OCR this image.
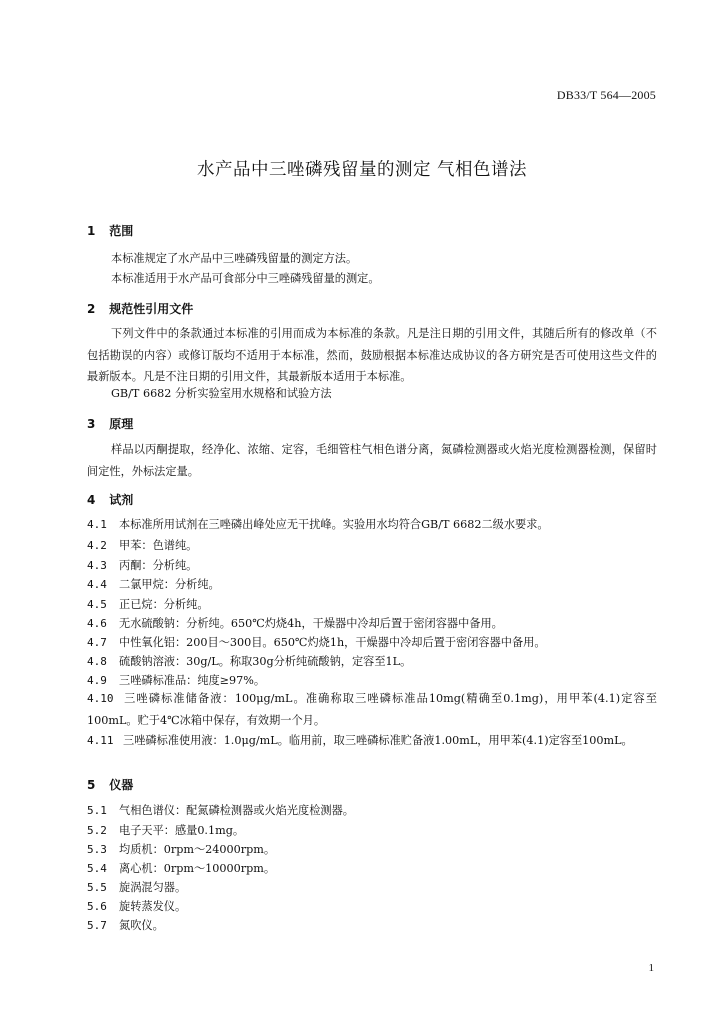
DB33/T 564—2005
水产品中三唑磷残留量的测定 气相色谱法
1 范围
本标准规定了水产品中三唑磷残留量的测定方法。
本标准适用于水产品可食部分中三唑磷残留量的测定。
2 规范性引用文件
下列文件中的条款通过本标准的引用而成为本标准的条款。凡是注日期的引用文件，其随后所有的修改单（不包括勘误的内容）或修订版均不适用于本标准，然而，鼓励根据本标准达成协议的各方研究是否可使用这些文件的最新版本。凡是不注日期的引用文件，其最新版本适用于本标准。
GB/T 6682 分析实验室用水规格和试验方法
3 原理
样品以丙酮提取，经净化、浓缩、定容，毛细管柱气相色谱分离，氮磷检测器或火焰光度检测器检测，保留时间定性，外标法定量。
4 试剂
4.1 本标准所用试剂在三唑磷出峰处应无干扰峰。实验用水均符合GB/T 6682二级水要求。
4.2 甲苯：色谱纯。
4.3 丙酮：分析纯。
4.4 二氯甲烷：分析纯。
4.5 正已烷：分析纯。
4.6 无水硫酸钠：分析纯。650℃灼烧4h，干燥器中冷却后置于密闭容器中备用。
4.7 中性氧化铝：200目～300目。650℃灼烧1h，干燥器中冷却后置于密闭容器中备用。
4.8 硫酸钠溶液：30g/L。称取30g分析纯硫酸钠，定容至1L。
4.9 三唑磷标准品：纯度≥97%。
4.10 三唑磷标准储备液：100μg/mL。准确称取三唑磷标准品10mg(精确至0.1mg)，用甲苯(4.1)定容至100mL。贮于4℃冰箱中保存，有效期一个月。
4.11 三唑磷标准使用液：1.0μg/mL。临用前，取三唑磷标准贮备液1.00mL，用甲苯(4.1)定容至100mL。
5 仪器
5.1 气相色谱仪：配氮磷检测器或火焰光度检测器。
5.2 电子天平：感量0.1mg。
5.3 均质机：0rpm～24000rpm。
5.4 离心机：0rpm～10000rpm。
5.5 旋涡混匀器。
5.6 旋转蒸发仪。
5.7 氮吹仪。
1
